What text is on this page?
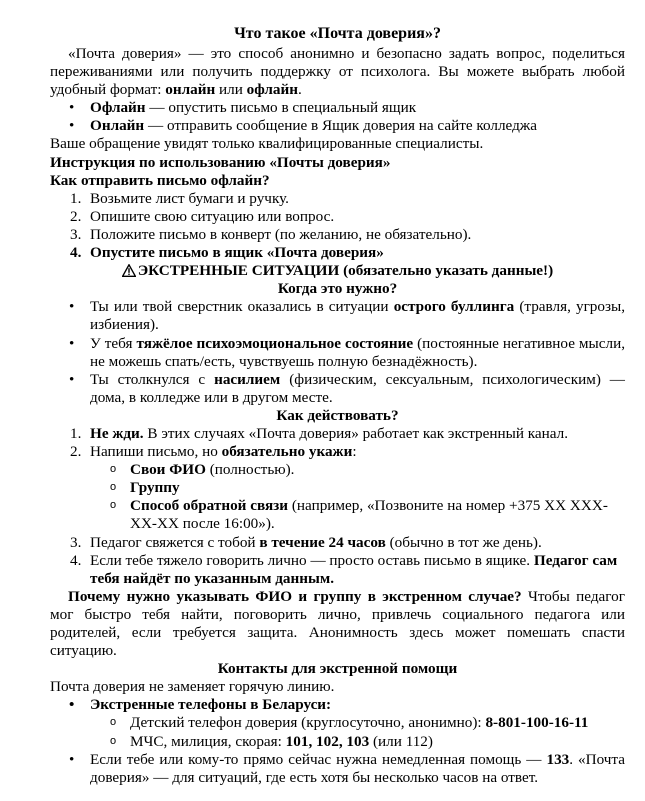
Что такое «Почта доверия»?

«Почта доверия» — это способ анонимно и безопасно задать вопрос, поделиться переживаниями или получить поддержку от психолога. Вы можете выбрать любой удобный формат: онлайн или офлайн.

• Офлайн — опустить письмо в специальный ящик
• Онлайн — отправить сообщение в Ящик доверия на сайте колледжа

Ваше обращение увидят только квалифицированные специалисты.

Инструкция по использованию «Почты доверия»

Как отправить письмо офлайн?

1. Возьмите лист бумаги и ручку.
2. Опишите свою ситуацию или вопрос.
3. Положите письмо в конверт (по желанию, не обязательно).
4. Опустите письмо в ящик «Почта доверия»

ЭКСТРЕННЫЕ СИТУАЦИИ (обязательно указать данные!)

Когда это нужно?

• Ты или твой сверстник оказались в ситуации острого буллинга (травля, угрозы, избиения).
• У тебя тяжёлое психоэмоциональное состояние (постоянные негативное мысли, не можешь спать/есть, чувствуешь полную безнадёжность).
• Ты столкнулся с насилием (физическим, сексуальным, психологическим) — дома, в колледже или в другом месте.

Как действовать?

1. Не жди. В этих случаях «Почта доверия» работает как экстренный канал.
2. Напиши письмо, но обязательно укажи:
o Свои ФИО (полностью).
o Группу
o Способ обратной связи (например, «Позвоните на номер +375 XX XXX-XX-XX после 16:00»).
3. Педагог свяжется с тобой в течение 24 часов (обычно в тот же день).
4. Если тебе тяжело говорить лично — просто оставь письмо в ящике. Педагог сам тебя найдёт по указанным данным.

Почему нужно указывать ФИО и группу в экстренном случае? Чтобы педагог мог быстро тебя найти, поговорить лично, привлечь социального педагога или родителей, если требуется защита. Анонимность здесь может помешать спасти ситуацию.

Контакты для экстренной помощи

Почта доверия не заменяет горячую линию.

• Экстренные телефоны в Беларуси:
o Детский телефон доверия (круглосуточно, анонимно): 8-801-100-16-11
o МЧС, милиция, скорая: 101, 102, 103 (или 112)
• Если тебе или кому-то прямо сейчас нужна немедленная помощь — 133. «Почта доверия» — для ситуаций, где есть хотя бы несколько часов на ответ.
